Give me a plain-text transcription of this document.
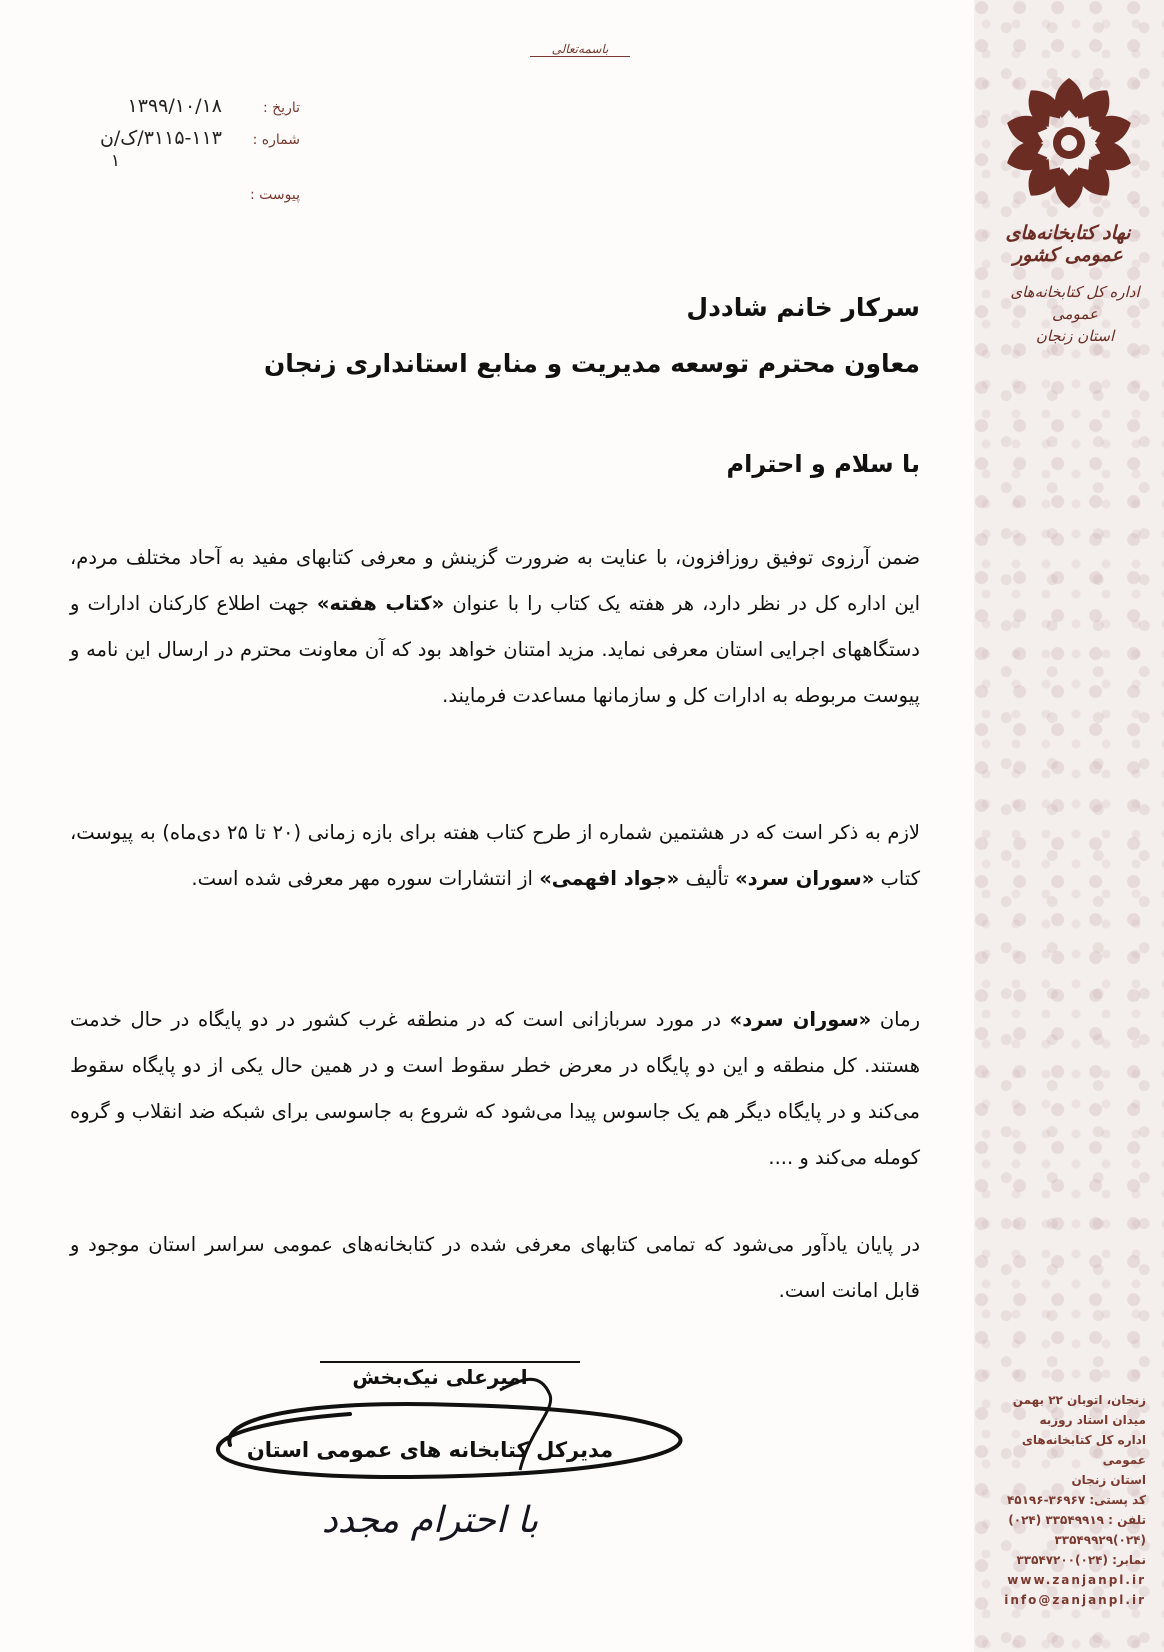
نهاد کتابخانه‌های عمومی کشور
اداره کل کتابخانه‌های عمومی
استان زنجان
زنجان، اتوبان ۲۲ بهمن
میدان استاد روزبه
اداره کل کتابخانه‌های عمومی
استان زنجان
کد پستی: ۳۶۹۶۷-۴۵۱۹۶
تلفن : ۳۳۵۴۹۹۱۹ (۰۲۴)
(۰۲۴)۳۳۵۴۹۹۲۹
نمابر: (۰۲۴)۳۳۵۴۷۲۰۰
www.zanjanpl.ir
info@zanjanpl.ir
باسمه‌تعالی
تاریخ :
۱۳۹۹/۱۰/۱۸
شماره :
۳۱۱۵-۱۱۳/ک/ن
۱
پیوست :
سرکار خانم شاددل
معاون محترم توسعه مدیریت و منابع استانداری زنجان
با سلام و احترام
ضمن آرزوی توفیق روزافزون، با عنایت به ضرورت گزینش و معرفی کتابهای مفید به آحاد مختلف مردم، این اداره کل در نظر دارد، هر هفته یک کتاب را با عنوان «کتاب هفته» جهت اطلاع کارکنان ادارات و دستگاههای اجرایی استان معرفی نماید. مزید امتنان خواهد بود که آن معاونت محترم در ارسال این نامه و پیوست مربوطه به ادارات کل و سازمانها مساعدت فرمایند.
لازم به ذکر است که در هشتمین شماره از طرح کتاب هفته برای بازه زمانی (۲۰ تا ۲۵ دی‌ماه) به پیوست، کتاب «سوران سرد» تألیف «جواد افهمی» از انتشارات سوره مهر معرفی شده است.
رمان «سوران سرد» در مورد سربازانی است که در منطقه غرب کشور در دو پایگاه در حال خدمت هستند. کل منطقه و این دو پایگاه در معرض خطر سقوط است و در همین حال یکی از دو پایگاه سقوط می‌کند و در پایگاه دیگر هم یک جاسوس پیدا می‌شود که شروع به جاسوسی برای شبکه ضد انقلاب و گروه کومله می‌کند و ....
در پایان یادآور می‌شود که تمامی کتابهای معرفی شده در کتابخانه‌های عمومی سراسر استان موجود و قابل امانت است.
امیرعلی نیک‌بخش
مدیرکل کتابخانه های عمومی استان
با احترام مجدد
